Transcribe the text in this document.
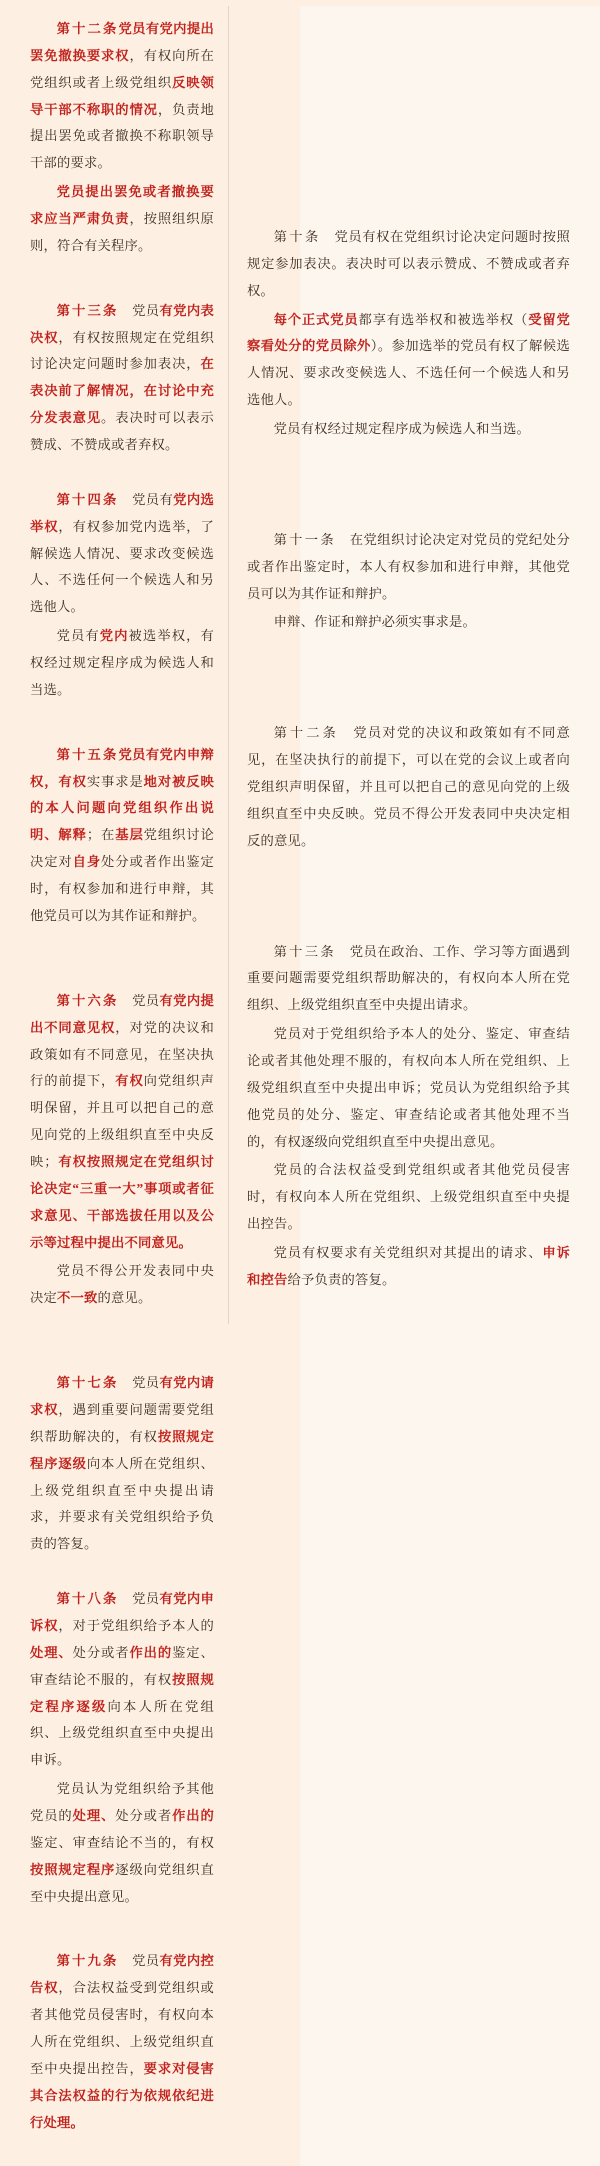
第十二条党员有党内提出罢免撤换要求权，有权向所在党组织或者上级党组织反映领导干部不称职的情况，负责地提出罢免或者撤换不称职领导干部的要求。

党员提出罢免或者撤换要求应当严肃负责，按照组织原则，符合有关程序。

第十三条　党员有党内表决权，有权按照规定在党组织讨论决定问题时参加表决，在表决前了解情况，在讨论中充分发表意见。表决时可以表示赞成、不赞成或者弃权。

第十四条　党员有党内选举权，有权参加党内选举，了解候选人情况、要求改变候选人、不选任何一个候选人和另选他人。

党员有党内被选举权，有权经过规定程序成为候选人和当选。

第十五条党员有党内申辩权，有权实事求是地对被反映的本人问题向党组织作出说明、解释；在基层党组织讨论决定对自身处分或者作出鉴定时，有权参加和进行申辩，其他党员可以为其作证和辩护。

第十六条　党员有党内提出不同意见权，对党的决议和政策如有不同意见，在坚决执行的前提下，有权向党组织声明保留，并且可以把自己的意见向党的上级组织直至中央反映；有权按照规定在党组织讨论决定“三重一大”事项或者征求意见、干部选拔任用以及公示等过程中提出不同意见。

党员不得公开发表同中央决定不一致的意见。

第十七条　党员有党内请求权，遇到重要问题需要党组织帮助解决的，有权按照规定程序逐级向本人所在党组织、上级党组织直至中央提出请求，并要求有关党组织给予负责的答复。

第十八条　党员有党内申诉权，对于党组织给予本人的处理、处分或者作出的鉴定、审查结论不服的，有权按照规定程序逐级向本人所在党组织、上级党组织直至中央提出申诉。

党员认为党组织给予其他党员的处理、处分或者作出的鉴定、审查结论不当的，有权按照规定程序逐级向党组织直至中央提出意见。

第十九条　党员有党内控告权，合法权益受到党组织或者其他党员侵害时，有权向本人所在党组织、上级党组织直至中央提出控告，要求对侵害其合法权益的行为依规依纪进行处理。

第十条　党员有权在党组织讨论决定问题时按照规定参加表决。表决时可以表示赞成、不赞成或者弃权。

每个正式党员都享有选举权和被选举权（受留党察看处分的党员除外）。参加选举的党员有权了解候选人情况、要求改变候选人、不选任何一个候选人和另选他人。

党员有权经过规定程序成为候选人和当选。

第十一条　在党组织讨论决定对党员的党纪处分或者作出鉴定时，本人有权参加和进行申辩，其他党员可以为其作证和辩护。

申辩、作证和辩护必须实事求是。

第十二条　党员对党的决议和政策如有不同意见，在坚决执行的前提下，可以在党的会议上或者向党组织声明保留，并且可以把自己的意见向党的上级组织直至中央反映。党员不得公开发表同中央决定相反的意见。

第十三条　党员在政治、工作、学习等方面遇到重要问题需要党组织帮助解决的，有权向本人所在党组织、上级党组织直至中央提出请求。

党员对于党组织给予本人的处分、鉴定、审查结论或者其他处理不服的，有权向本人所在党组织、上级党组织直至中央提出申诉；党员认为党组织给予其他党员的处分、鉴定、审查结论或者其他处理不当的，有权逐级向党组织直至中央提出意见。

党员的合法权益受到党组织或者其他党员侵害时，有权向本人所在党组织、上级党组织直至中央提出控告。

党员有权要求有关党组织对其提出的请求、申诉和控告给予负责的答复。
